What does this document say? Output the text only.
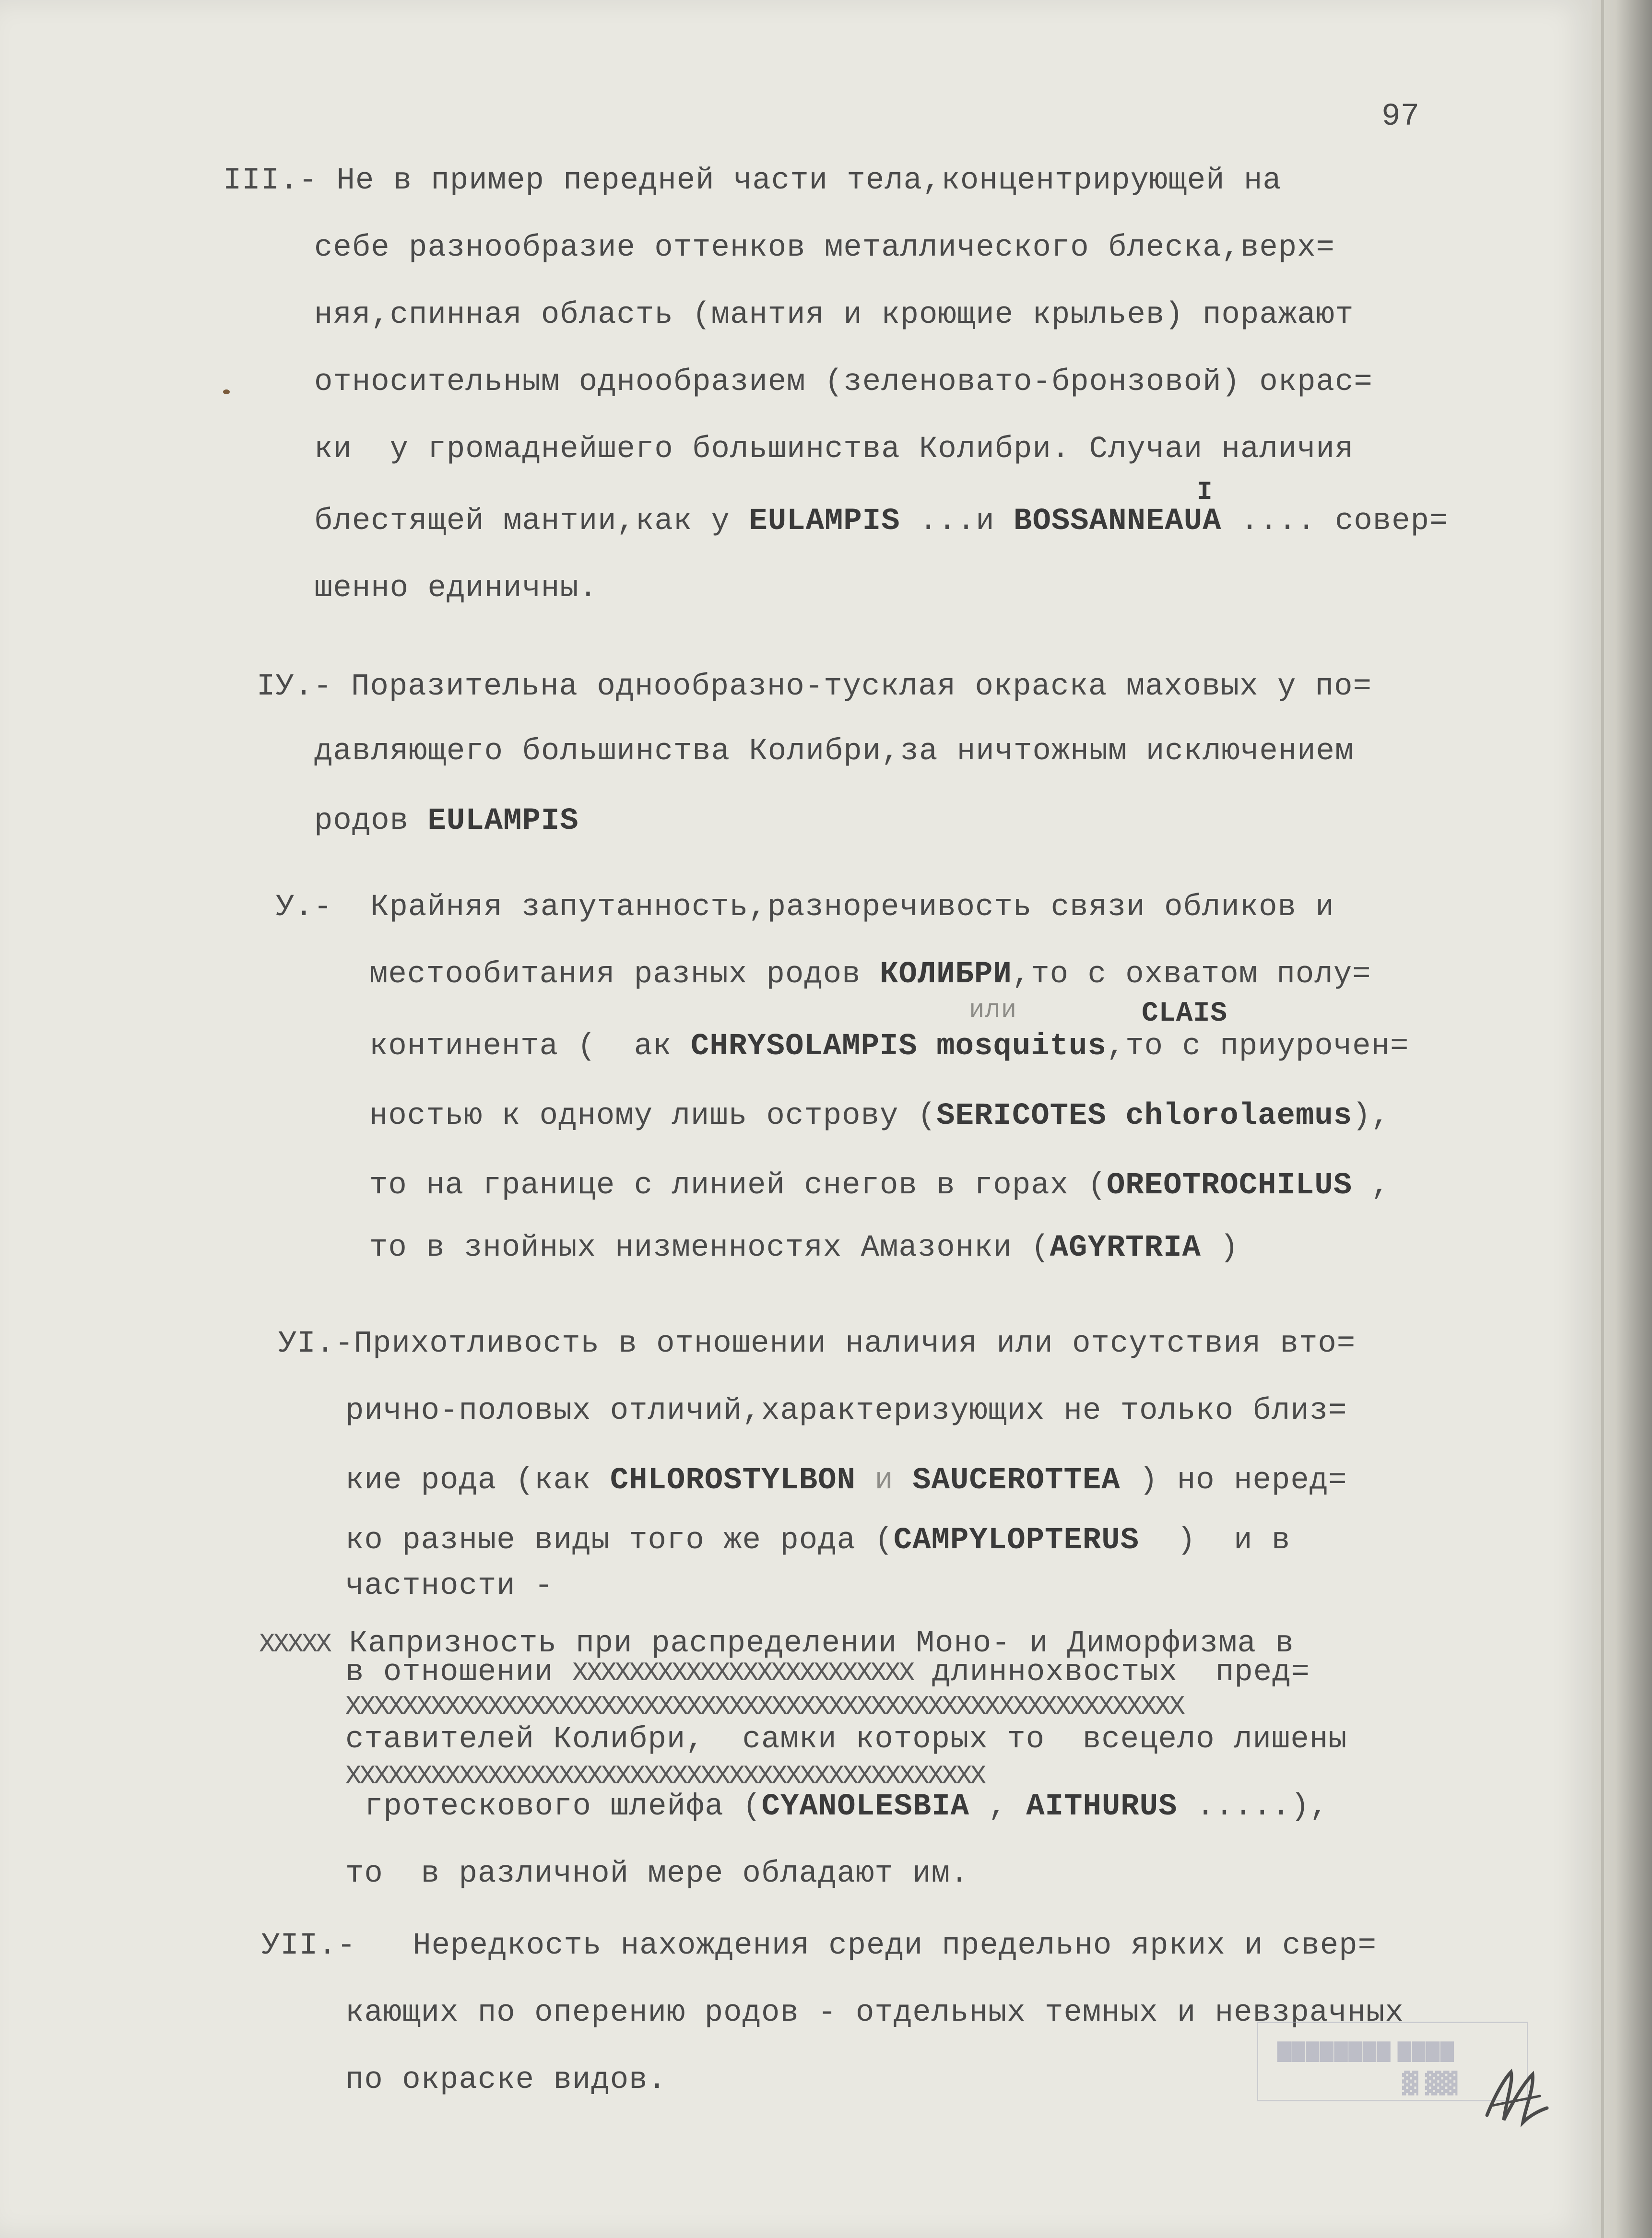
97
III.- Не в пример передней части тела,концентрирующей на
себе разнообразие оттенков металлического блеска,верх=
няя,спинная область (мантия и кроющие крыльев) поражают
относительным однообразием (зеленовато-бронзовой) окрас=
ки  у громаднейшего большинства Колибри. Случаи наличия
I
блестящей мантии,как у EULAMPIS ...и BOSSANNEAUA .... совер=
шенно единичны.
IУ.- Поразительна однообразно-тусклая окраска маховых у по=
давляющего большинства Колибри,за ничтожным исключением
родов EULAMPIS
У.-  Крайняя запутанность,разноречивость связи обликов и
местообитания разных родов КОЛИБРИ,то с охватом полу=
или	CLAIS
континента (  ак CHRYSOLAMPIS mosquitus,то с приурочен=
ностью к одному лишь острову (SERICOTES chlorolaemus),
то на границе с линией снегов в горах (OREOTROCHILUS ,
то в знойных низменностях Амазонки (AGYRTRIA )
УI.-Прихотливость в отношении наличия или отсутствия вто=
рично-половых отличий,характеризующих не только близ=
кие рода (как CHLOROSTYLBON и SAUCEROTTEA ) но неред=
ко разные виды того же рода (CAMPYLOPTERUS  )  и в
частности -
XXXXX Капризность при распределении Моно- и Диморфизма в
в отношении XXXXXXXXXXXXXXXXXXXXXXXX длиннохвостых  пред=
XXXXXXXXXXXXXXXXXXXXXXXXXXXXXXXXXXXXXXXXXXXXXXXXXXXXXXXXXXX
ставителей Колибри,  самки которых то  всецело лишены
XXXXXXXXXXXXXXXXXXXXXXXXXXXXXXXXXXXXXXXXXXXXX
гротескового шлейфа (CYANOLESBIA , AITHURUS .....),
то  в различной мере обладают им.
УII.-   Нередкость нахождения среди предельно ярких и свер=
кающих по оперению родов - отдельных темных и невзрачных
по окраске видов.
████████ ████
▓ ▓▓
